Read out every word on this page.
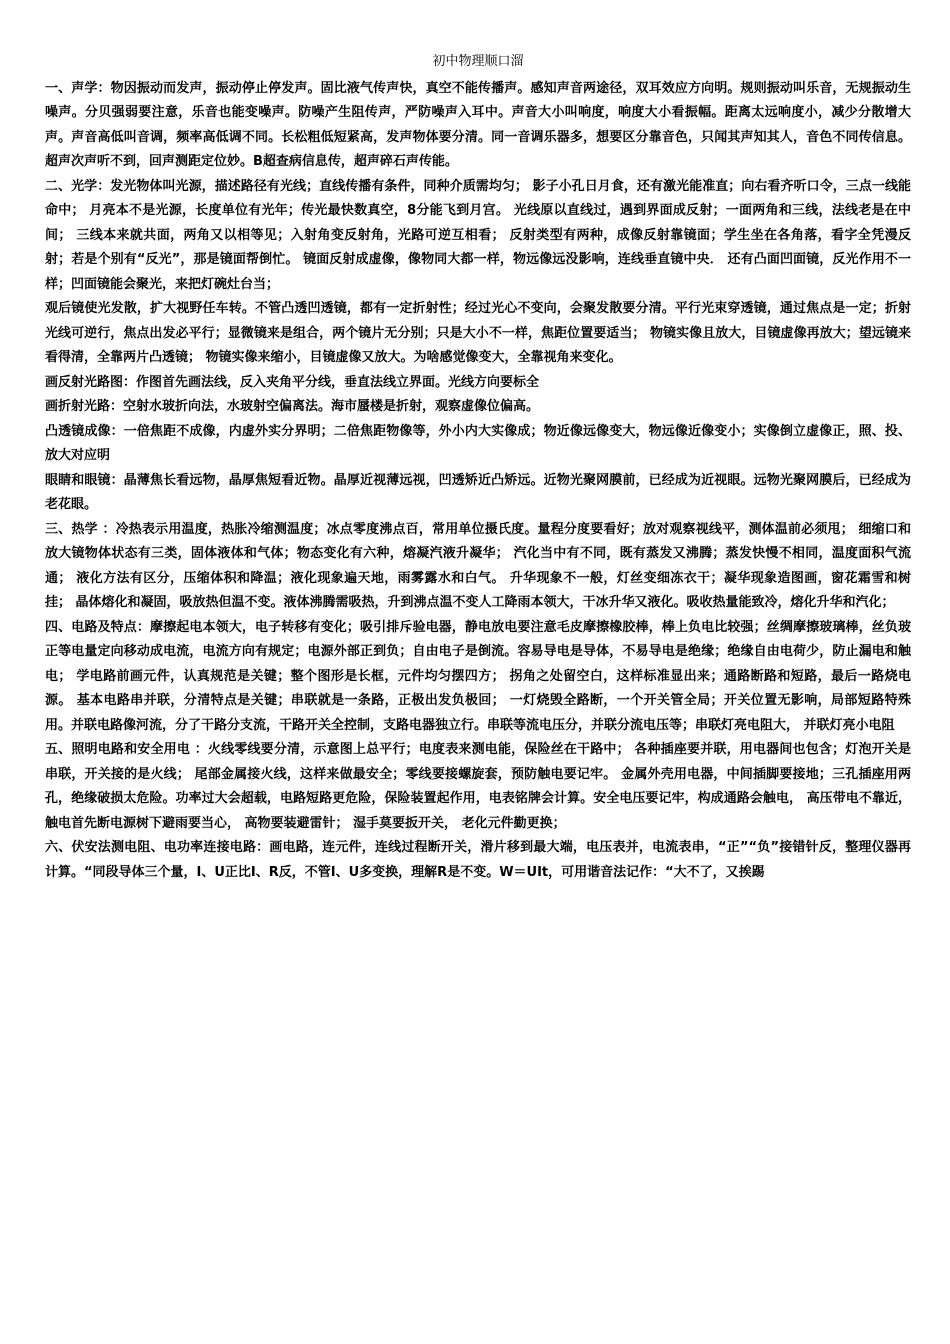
初中物理顺口溜

一、声学：物因振动而发声，振动停止停发声。固比液气传声快，真空不能传播声。感知声音两途径，双耳效应方向明。规则振动叫乐音，无规振动生噪声。分贝强弱要注意，乐音也能变噪声。防噪产生阻传声，严防噪声入耳中。声音大小叫响度，响度大小看振幅。距离太远响度小，减少分散增大声。声音高低叫音调，频率高低调不同。长松粗低短紧高，发声物体要分清。同一音调乐器多，想要区分靠音色，只闻其声知其人，音色不同传信息。超声次声听不到，回声测距定位妙。B超查病信息传，超声碎石声传能。

二、光学：发光物体叫光源，描述路径有光线；直线传播有条件，同种介质需均匀； 影子小孔日月食，还有激光能准直；向右看齐听口令，三点一线能命中； 月亮本不是光源，长度单位有光年；传光最快数真空，8分能飞到月宫。 光线原以直线过，遇到界面成反射；一面两角和三线，法线老是在中间； 三线本来就共面，两角又以相等见；入射角变反射角，光路可逆互相看； 反射类型有两种，成像反射靠镜面；学生坐在各角落，看字全凭漫反射；若是个别有“反光”，那是镜面帮倒忙。 镜面反射成虚像，像物同大都一样，物远像远没影响，连线垂直镜中央． 还有凸面凹面镜，反光作用不一样；凹面镜能会聚光，来把灯碗灶台当；

观后镜使光发散，扩大视野任车转。不管凸透凹透镜，都有一定折射性；经过光心不变向，会聚发散要分清。平行光束穿透镜，通过焦点是一定；折射光线可逆行，焦点出发必平行；显微镜来是组合，两个镜片无分别；只是大小不一样，焦距位置要适当； 物镜实像且放大，目镜虚像再放大；望远镜来看得清，全靠两片凸透镜； 物镜实像来缩小，目镜虚像又放大。为啥感觉像变大，全靠视角来变化。

画反射光路图：作图首先画法线，反入夹角平分线，垂直法线立界面。光线方向要标全

画折射光路：空射水玻折向法，水玻射空偏离法。海市蜃楼是折射，观察虚像位偏高。

凸透镜成像：一倍焦距不成像，内虚外实分界明；二倍焦距物像等，外小内大实像成；物近像远像变大，物远像近像变小；实像倒立虚像正，照、投、放大对应明

眼睛和眼镜：晶薄焦长看远物，晶厚焦短看近物。晶厚近视薄远视，凹透矫近凸矫远。近物光聚网膜前，已经成为近视眼。远物光聚网膜后，已经成为老花眼。

三、热学 ：冷热表示用温度，热胀冷缩测温度；冰点零度沸点百，常用单位摄氏度。量程分度要看好；放对观察视线平，测体温前必须甩； 细缩口和放大镜物体状态有三类，固体液体和气体；物态变化有六种，熔凝汽液升凝华； 汽化当中有不同，既有蒸发又沸腾；蒸发快慢不相同，温度面积气流通； 液化方法有区分，压缩体积和降温；液化现象遍天地，雨雾露水和白气。 升华现象不一般，灯丝变细冻衣干；凝华现象造图画，窗花霜雪和树挂； 晶体熔化和凝固，吸放热但温不变。液体沸腾需吸热，升到沸点温不变人工降雨本领大，干冰升华又液化。吸收热量能致冷，熔化升华和汽化；

四、电路及特点：摩擦起电本领大，电子转移有变化；吸引排斥验电器，静电放电要注意毛皮摩擦橡胶棒，棒上负电比较强；丝绸摩擦玻璃棒，丝负玻正等电量定向移动成电流，电流方向有规定；电源外部正到负；自由电子是倒流。容易导电是导体，不易导电是绝缘；绝缘自由电荷少，防止漏电和触电； 学电路前画元件，认真规范是关键；整个图形是长框，元件均匀摆四方； 拐角之处留空白，这样标准显出来；通路断路和短路，最后一路烧电源。 基本电路串并联，分清特点是关键；串联就是一条路，正极出发负极回； 一灯烧毁全路断，一个开关管全局；开关位置无影响，局部短路特殊用。并联电路像河流，分了干路分支流，干路开关全控制，支路电器独立行。串联等流电压分，并联分流电压等；串联灯亮电阻大， 并联灯亮小电阻

五、照明电路和安全用电 ：火线零线要分清，示意图上总平行；电度表来测电能，保险丝在干路中； 各种插座要并联，用电器间也包含；灯泡开关是串联，开关接的是火线； 尾部金属接火线，这样来做最安全；零线要接螺旋套，预防触电要记牢。 金属外壳用电器，中间插脚要接地；三孔插座用两孔，绝缘破损太危险。功率过大会超载，电路短路更危险，保险装置起作用，电表铭牌会计算。安全电压要记牢，构成通路会触电， 高压带电不靠近， 触电首先断电源树下避雨要当心， 高物要装避雷针； 湿手莫要扳开关， 老化元件勤更换；

六、伏安法测电阻、电功率连接电路：画电路，连元件，连线过程断开关，滑片移到最大端，电压表并，电流表串，“正”“负”接错针反，整理仪器再计算。“同段导体三个量，I、U正比I、R反，不管I、U多变换，理解R是不变。W＝UIt，可用谐音法记作：“大不了，又挨踢
